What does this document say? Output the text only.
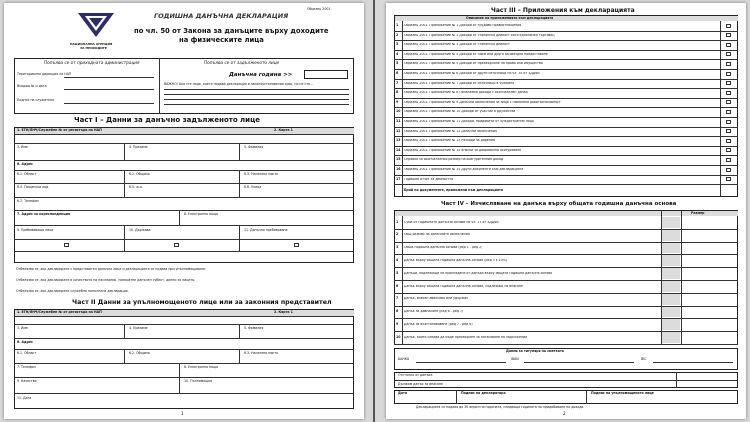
Образец 2001
НАЦИОНАЛНА АГЕНЦИЯ
ЗА ПРИХОДИТЕ
ГОДИШНА ДАНЪЧНА ДЕКЛАРАЦИЯ
по чл. 50 от Закона за данъците върху доходите
на физическите лица
Попълва се от приходната администрация	Попълва се от задълженото лице
Териториална дирекция на НАП
Входящ № и дата
Подпис на служителя
Данъчна година >>
ВАЖНО! Ако сте лице, което подава декларация в законоустановения срок, но не сте...
Част I – Данни за данъчно задълженото лице
1. ЕГН/ЛНЧ/Служебен № от регистъра на НАП	2. Карта 1
3. Име	4. Презиме	5. Фамилия
6. Адрес
6.1. Област	6.2. Община	6.3. Населено място
6.4. Пощенски код	6.5. ж.к.	6.6. Улица
6.7. Телефон
7. Адрес за кореспонденция	8. Електронна поща
9. Пребиваващо лице	10. Държава	11. Данъчно пребиваване
Отбелязва се, ако декларирате с представител данъчно лице и декларацията се подава при упълномощаване.
Отбелязва се, ако декларирате в качеството на наследник, прекратен данъчен субект, данни за лицето.
Отбелязва се, ако декларирате служебно попълнена декларация.
Част II Данни за упълномощеното лице или за законния представител
1. ЕГН/ЛНЧ/Служебен № от регистъра на НАП	2. Карта 1
3. Име	4. Презиме	5. Фамилия
6. Адрес
6.1. Област	6.2. Община	6.3. Населено място
7. Телефон	8. Електронна поща
9. Качество	10. Пълномощно
11. Дата
1
Част III – Приложения към декларацията
Описание на приложенията към декларацията
Брой на документите, приложени към декларацията
Част IV – Изчисляване на данъка върху общата годишна данъчна основа
Размер
Данни за титуляря на сметката
БАНКА	IBAN	BIC
Отстъпка от данъка
Дължим данък за внасяне
Дата	Подпис на декларатора	Подпис на упълномощеното лице
Декларацията се подава до 30 април на годината, следваща годината на придобиване на дохода.
2
1 Образец 2001. Приложение № 1 Доходи от трудови правоотношения
2 Образец 2001. Приложение № 2 Доходи от стопанска дейност като едноличен търговец
3 Образец 2001. Приложение № 3 Доходи от стопанска дейност
4 Образец 2001. Приложение № 4 Доходи от наем или друго възмездно предоставяне
5 Образец 2001. Приложение № 5 Доходи от прехвърляне на права или имущество
6 Образец 2001. Приложение № 6 Доходи от други източници по чл. 35 от ЗДДФЛ
7 Образец 2001. Приложение № 7 Доходи от източници в чужбина
8 Образец 2001. Приложение № 8 Облагаеми доходи с окончателен данък
9 Образец 2001. Приложение № 9 Данъчни облекчения за лица с намалена работоспособност
10 Образец 2001. Приложение № 10 Доходи от участие в дружества
11 Образец 2001. Приложение № 11 Доходи, придобити от чуждестранни лица
12 Образец 2001. Приложение № 12 Данъчни облекчения
13 Образец 2001. Приложение № 13 Разходи за дарения
14 Образец 2001. Приложение № 14 Вноски за доброволно осигуряване
15 Справка за окончателния размер на осигурителния доход
16 Образец 2001. Приложение № 15 Други документи към декларацията
17 Годишен отчет за дейността
1 Сума от годишните данъчни основи по чл. 17 от ЗДДФЛ
2 Общ размер на данъчните облекчения
3 Обща годишна данъчна основа (ред 1 - ред 2)
4 Данък върху общата годишна данъчна основа (ред 3 х 10%)
5 Данъци, подлежащи на приспадане от данъка върху общата годишна данъчна основа
6 Данък върху общата годишна данъчна основа, подлежащ на внасяне
7 Данък, внесен авансово или удържан
8 Данък за довнасяне (ред 6 - ред 7)
9 Данък за възстановяване (ред 7 - ред 6)
10 Данък, който следва да бъде прехвърлен за погасяване на задължения
